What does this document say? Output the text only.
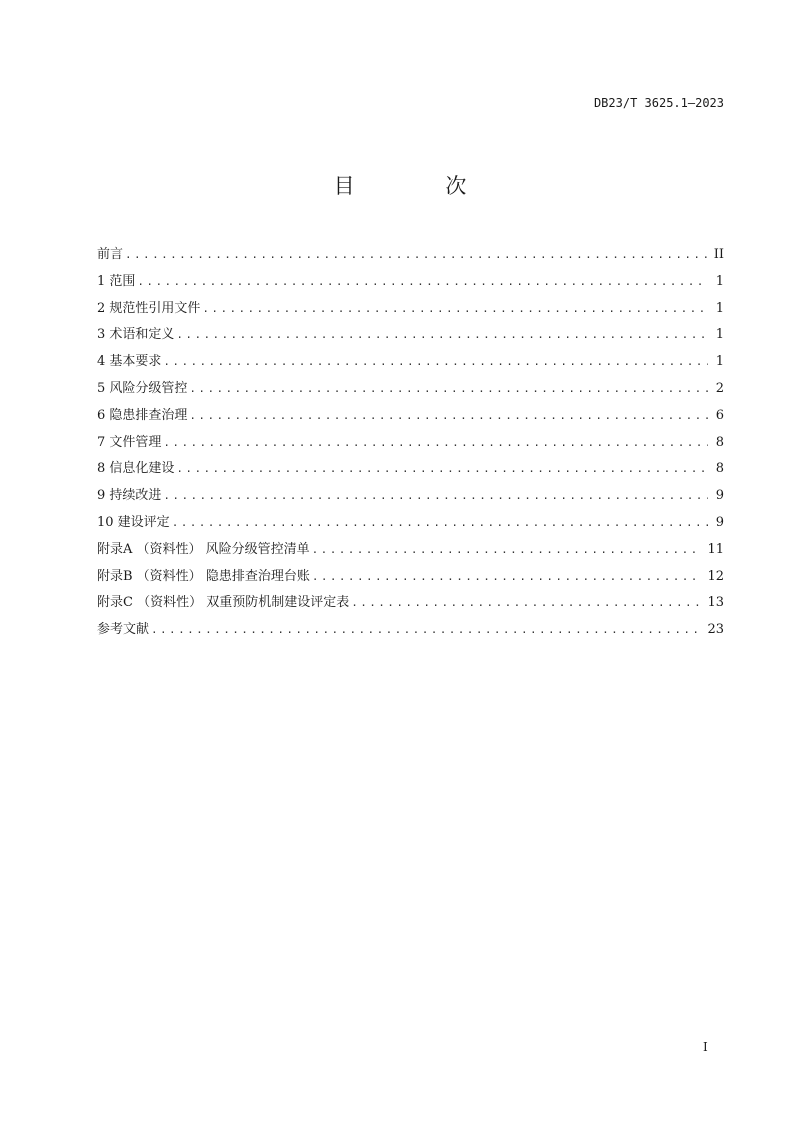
DB23/T 3625.1—2023
目 次
前言 .....	II
1 范围 .....	1
2 规范性引用文件 .....	1
3 术语和定义 .....	1
4 基本要求 .....	1
5 风险分级管控 .....	2
6 隐患排查治理 .....	6
7 文件管理 .....	8
8 信息化建设 .....	8
9 持续改进 .....	9
10 建设评定 .....	9
附录A （资料性） 风险分级管控清单 .....	11
附录B （资料性） 隐患排查治理台账 .....	12
附录C （资料性） 双重预防机制建设评定表 .....	13
参考文献 .....	23
I
